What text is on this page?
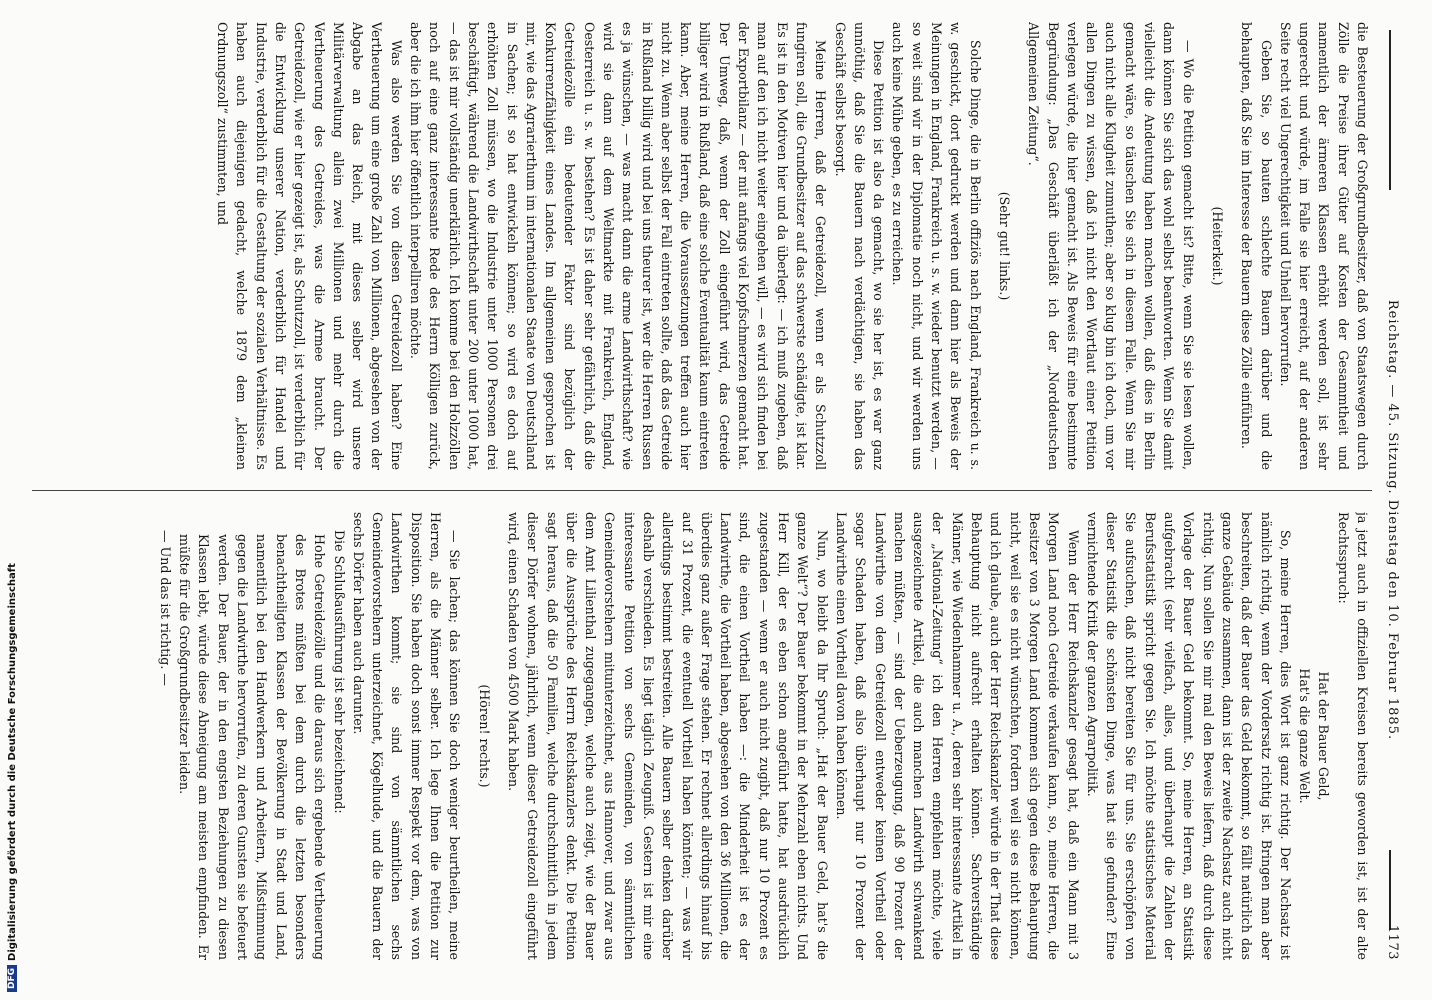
Reichstag. — 45. Sitzung. Dienstag den 10. Februar 1885.
1173

die Besteuerung der Großgrundbesitzer, daß von Staatswegen durch Zölle die Preise ihrer Güter auf Kosten der Gesammtheit und namentlich der ärmeren Klassen erhöht werden soll, ist sehr ungerecht und würde, im Falle sie hier erreicht, auf der anderen Seite recht viel Ungerechtigkeit und Unheil hervorrufen.

Geben Sie, so bauten schlechte Bauern darüber und die behaupten, daß Sie im Interesse der Bauern diese Zölle einführen.

(Heiterkeit.)

— Wo die Petition gemacht ist? Bitte, wenn Sie sie lesen wollen, dann können Sie sich das wohl selbst beantworten. Wenn Sie damit vielleicht die Andeutung haben machen wollen, daß dies in Berlin gemacht wäre, so täuschen Sie sich in diesem Falle. Wenn Sie mir auch nicht alle Klugheit zumuthen; aber so klug bin ich doch, um vor allen Dingen zu wissen, daß ich nicht den Wortlaut einer Petition verlegen würde, die hier gemacht ist. Als Beweis für eine bestimmte Begründung: „Das Geschäft überläßt ich der „Norddeutschen Allgemeinen Zeitung“.

(Sehr gut! links.)

Solche Dinge, die in Berlin offiziös nach England, Frankreich u. s. w. geschickt, dort gedruckt werden und dann hier als Beweis der Meinungen in England, Frankreich u. s. w. wieder benutzt werden, — so weit sind wir in der Diplomatie noch nicht, und wir werden uns auch keine Mühe geben, es zu erreichen.

Diese Petition ist also da gemacht, wo sie her ist, es war ganz unnöthig, daß Sie die Bauern nach verdächtigen, sie haben das Geschäft selbst besorgt.

Meine Herren, daß der Getreidezoll, wenn er als Schutzzoll fungiren soll, die Grundbesitzer auf das schwerste schädigte, ist klar. Es ist in den Motiven hier und da überlegt: — ich muß zugeben, daß man auf den ich nicht weiter eingehen will, — es wird sich finden bei der Exportbilanz — der mit anfangs viel Kopfschmerzen gemacht hat. Der Umweg, daß, wenn der Zoll eingeführt wird, das Getreide billiger wird in Rußland, daß eine solche Eventualität kaum eintreten kann. Aber, meine Herren, die Voraussetzungen treffen auch hier nicht zu. Wenn aber selbst der Fall eintreten sollte, daß das Getreide in Rußland billig wird und bei uns theurer ist, wer die Herren Russen es ja wünschen, — was macht dann die arme Landwirthschaft? wie wird sie dann auf dem Weltmarkte mit Frankreich, England, Oesterreich u. s. w. bestehen? Es ist daher sehr gefährlich, daß die Getreidezölle ein bedeutender Faktor sind bezüglich der Konkurrenzfähigkeit eines Landes. Im allgemeinen gesprochen ist mir, wie das Agrarierthum im internationalen Staate von Deutschland in Sachen; ist so hat entwickeln können; so wird es doch auf erhöhten Zoll müssen, wo die Industrie unter 1000 Personen drei beschäftigt, während die Landwirthschaft unter 200 unter 1000 hat, — das ist mir vollständig unerklärlich. Ich komme bei den Holzzöllen noch auf eine ganz interessante Rede des Herrn Kölligen zurück, aber die ich ihm hier öffentlich interpelliren möchte.

Was also werden Sie von diesen Getreidezoll haben? Eine Vertheuerung um eine große Zahl von Millionen, abgesehen von der Abgabe an das Reich, mit dieses selber wird unsere Militärverwaltung allein zwei Millionen und mehr durch die Vertheuerung des Getreides, was die Armee braucht. Der Getreidezoll, wie er hier gezeigt ist, als Schutzzoll, ist verderblich für die Entwicklung unserer Nation, verderblich für Handel und Industrie, verderblich für die Gestaltung der sozialen Verhältnisse. Es haben auch diejenigen gedacht, welche 1879 dem „kleinen Ordnungszoll“ zustimmten, und

ja jetzt auch in offiziellen Kreisen bereits geworden ist, ist der alte Rechtsspruch:

Hat der Bauer Geld,

Hat's die ganze Welt.

So, meine Herren, dies Wort ist ganz richtig. Der Nachsatz ist nämlich richtig, wenn der Vordersatz richtig ist. Bringen man aber beschreiten, daß der Bauer das Geld bekommt, so fällt natürlich das ganze Gebäude zusammen, dann ist der zweite Nachsatz auch nicht richtig. Nun sollen Sie mir mal den Beweis liefern, daß durch diese Vorlage der Bauer Geld bekommt. So, meine Herren, an Statistik aufgebracht (sehr vielfach, alles, und überhaupt die Zahlen der Berufsstatistik spricht gegen Sie. Ich möchte statistisches Material Sie aufsuchen, daß nicht bereiten Sie für uns. Sie erschöpfen von dieser Statistik die schönsten Dinge, was hat sie gefunden? Eine vernichtende Kritik der ganzen Agrarpolitik.

Wenn der Herr Reichskanzler gesagt hat, daß ein Mann mit 3 Morgen Land noch Getreide verkaufen kann, so, meine Herren, die Besitzer von 3 Morgen Land kommen sich gegen diese Behauptung nicht, weil sie es nicht wünschten, fordern weil sie es nicht können, und ich glaube, auch der Herr Reichskanzler würde in der That diese Behauptung nicht aufrecht erhalten können. Sachverständige Männer, wie Wiedenhammer u. A., deren sehr interessante Artikel in der „National-Zeitung“ ich den Herren empfehlen möchte, viele ausgezeichnete Artikel, die auch manchen Landwirth schwankend machen müßten, — sind der Ueberzeugung, daß 90 Prozent der Landwirthe von dem Getreidezoll entweder keinen Vortheil oder sogar Schaden haben, daß also überhaupt nur 10 Prozent der Landwirthe einen Vortheil davon haben können.

Nun, wo bleibt da Ihr Spruch: „Hat der Bauer Geld, hat's die ganze Welt“? Der Bauer bekommt in der Mehrzahl eben nichts. Und Herr Kill, der es eben schon angeführt hatte, hat ausdrücklich zugestanden — wenn er auch nicht zugibt, daß nur 10 Prozent es sind, die einen Vortheil haben —: die Minderheit ist es der Landwirthe, die Vortheil haben, abgesehen von den 36 Millionen, die überdies ganz außer Frage stehen. Er rechnet allerdings hinauf bis auf 31 Prozent, die eventuell Vortheil haben könnten; — was wir allerdings bestimmt bestreiten. Alle Bauern selber denken darüber deshalb verschieden. Es liegt täglich Zeugniß. Gestern ist mir eine interessante Petition von sechs Gemeinden, von sämmtlichen Gemeindevorstehern mitunterzeichnet, aus Hannover, und zwar aus dem Amt Lilienthal zugegangen, welche auch zeigt, wie der Bauer über die Aussprüche des Herrn Reichskanzlers denkt. Die Petition sagt heraus, daß die 50 Familien, welche durchschnittlich in jedem dieser Dörfer wohnen, jährlich, wenn dieser Getreidezoll eingeführt wird, einen Schaden von 4500 Mark haben.

(Hören! rechts.)

— Sie lachen; das können Sie doch weniger beurtheilen, meine Herren, als die Männer selber. Ich lege Ihnen die Petition zur Disposition. Sie haben doch sonst immer Respekt vor dem, was von Landwirthen kommt; sie sind von sämmtlichen sechs Gemeindevorstehern unterzeichnet, Kögelhude, und die Bauern der sechs Dörfer haben auch darunter.

Die Schlußausführung ist sehr bezeichnend:

Hohe Getreidezölle und die daraus sich ergebende Vertheuerung des Brotes müßten bei dem durch die letzten besonders benachtheiligten Klassen der Bevölkerung in Stadt und Land, namentlich bei den Handwerkern und Arbeitern, Mißstimmung gegen die Landwirthe hervorrufen, zu deren Gunsten sie befeuert werden. Der Bauer, der in den engsten Beziehungen zu diesen Klassen lebt, würde diese Abneigung am meisten empfinden. Er müßte für die Großgrundbesitzer leiden.

— Und das ist richtig. —

DFG
Digitalisierung gefördert durch die Deutsche Forschungsgemeinschaft
